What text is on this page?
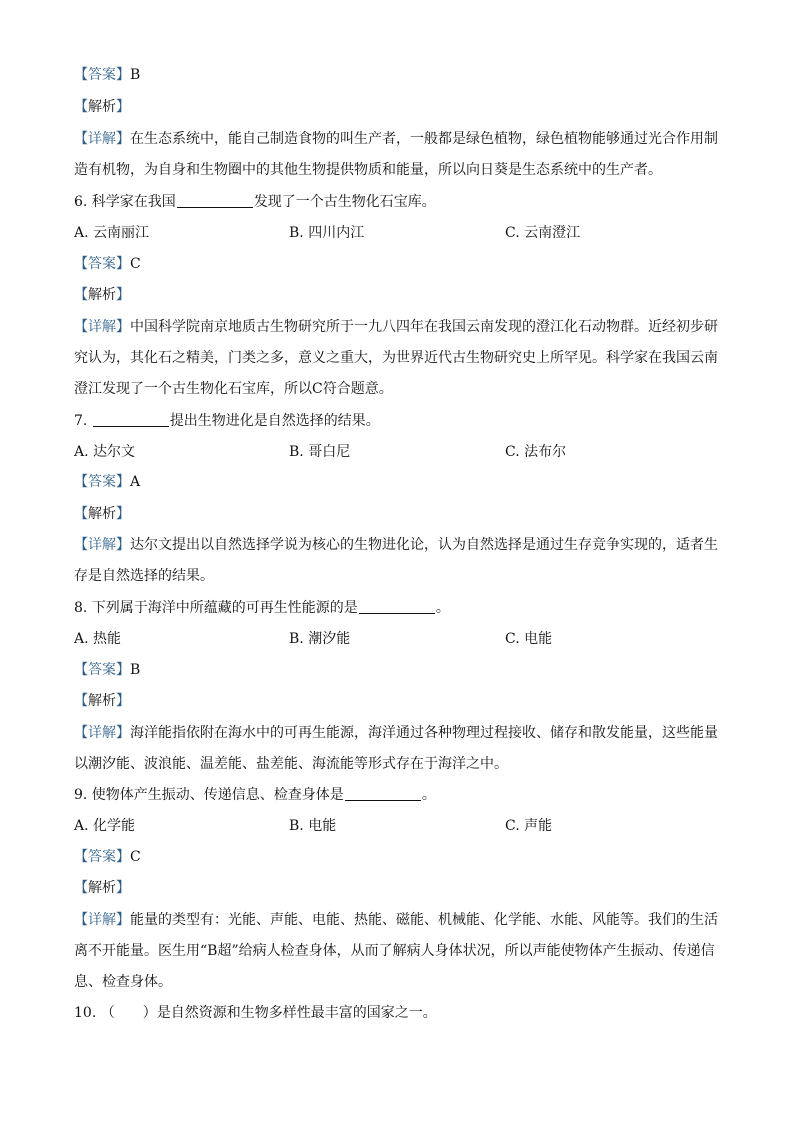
【答案】B
【解析】
【详解】在生态系统中，能自己制造食物的叫生产者，一般都是绿色植物，绿色植物能够通过光合作用制
造有机物，为自身和生物圈中的其他生物提供物质和能量，所以向日葵是生态系统中的生产者。
6. 科学家在我国	发现了一个古生物化石宝库。
A. 云南丽江	B. 四川内江	C. 云南澄江
【答案】C
【解析】
【详解】中国科学院南京地质古生物研究所于一九八四年在我国云南发现的澄江化石动物群。近经初步研
究认为，其化石之精美，门类之多，意义之重大，为世界近代古生物研究史上所罕见。科学家在我国云南
澄江发现了一个古生物化石宝库，所以C符合题意。
7.	提出生物进化是自然选择的结果。
A. 达尔文	B. 哥白尼	C. 法布尔
【答案】A
【解析】
【详解】达尔文提出以自然选择学说为核心的生物进化论，认为自然选择是通过生存竞争实现的，适者生
存是自然选择的结果。
8. 下列属于海洋中所蕴藏的可再生性能源的是	。
A. 热能	B. 潮汐能	C. 电能
【答案】B
【解析】
【详解】海洋能指依附在海水中的可再生能源，海洋通过各种物理过程接收、储存和散发能量，这些能量
以潮汐能、波浪能、温差能、盐差能、海流能等形式存在于海洋之中。
9. 使物体产生振动、传递信息、检查身体是	。
A. 化学能	B. 电能	C. 声能
【答案】C
【解析】
【详解】能量的类型有：光能、声能、电能、热能、磁能、机械能、化学能、水能、风能等。我们的生活
离不开能量。医生用“B超”给病人检查身体，从而了解病人身体状况，所以声能使物体产生振动、传递信
息、检查身体。
10. （　　）是自然资源和生物多样性最丰富的国家之一。
